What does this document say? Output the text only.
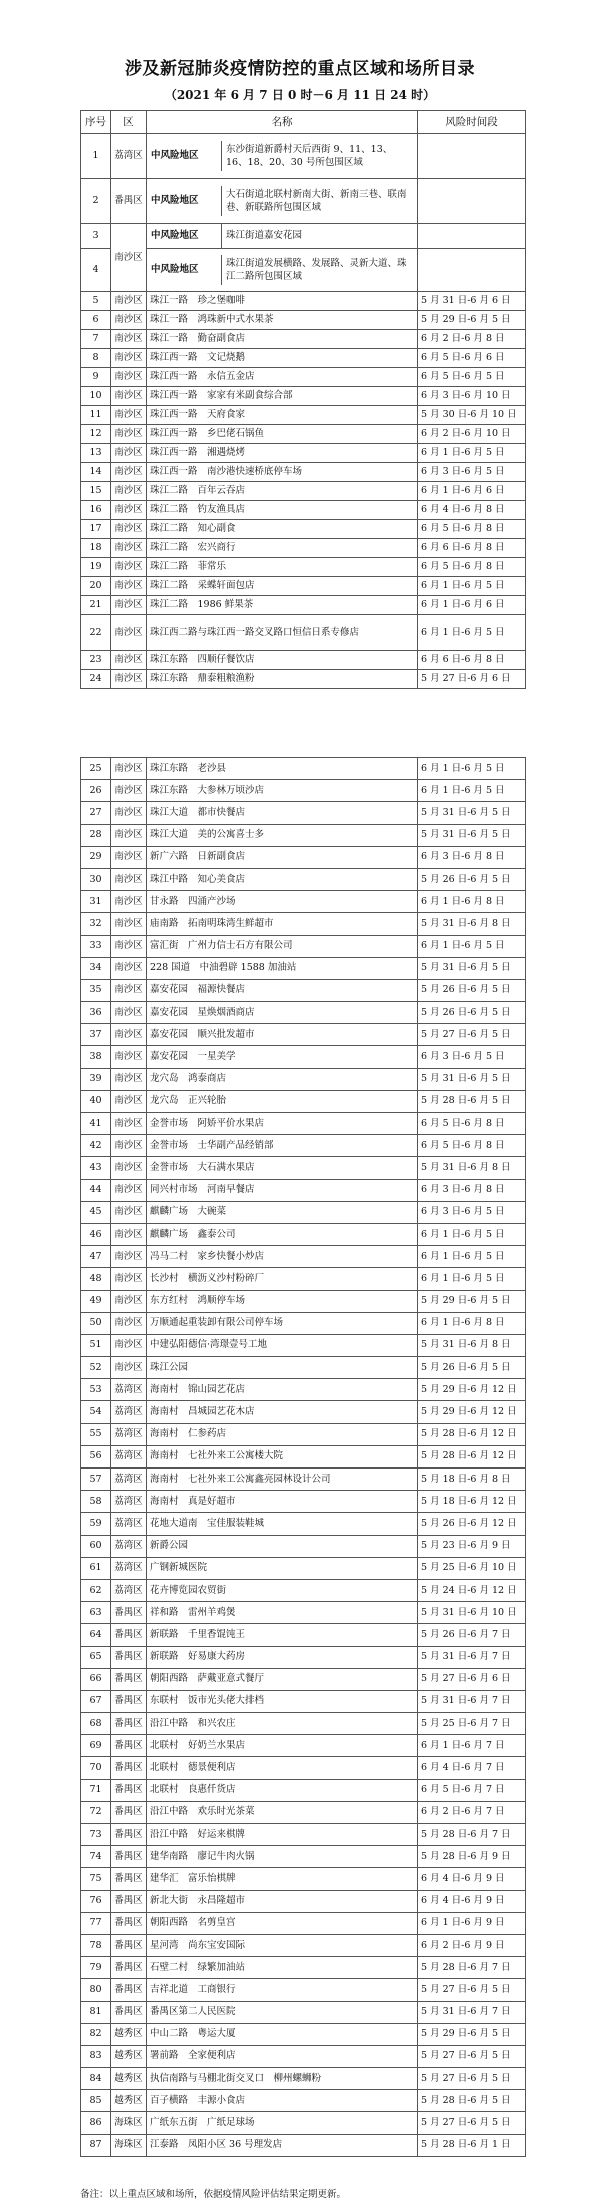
涉及新冠肺炎疫情防控的重点区域和场所目录
（2021 年 6 月 7 日 0 时－6 月 11 日 24 时）
序号	区	名称	风险时间段
1	荔湾区	中风险地区
东沙街道新爵村天后西街 9、11、13、16、18、20、30 号所包围区域	

2	番禺区	中风险地区
大石街道北联村新南大街、新南三巷、联南巷、新联路所包围区域	

3	南沙区	中风险地区 珠江街道嘉安花园	

4		中风险地区
珠江街道发展横路、发展路、灵新大道、珠江二路所包围区域	

5	南沙区	珠江一路　珍之堡咖啡	5 月 31 日-6 月 6 日
6	南沙区	珠江一路　鸿珠新中式水果茶	5 月 29 日-6 月 5 日
7	南沙区	珠江一路　勤奋副食店	6 月 2 日-6 月 8 日
8	南沙区	珠江西一路　文记烧鹅	6 月 5 日-6 月 6 日
9	南沙区	珠江西一路　永信五金店	6 月 5 日-6 月 5 日
10	南沙区	珠江西一路　家家有米副食综合部	6 月 3 日-6 月 10 日
11	南沙区	珠江西一路　天府食家	5 月 30 日-6 月 10 日
12	南沙区	珠江西一路　乡巴佬石锅鱼	6 月 2 日-6 月 10 日
13	南沙区	珠江西一路　湘遇烧烤	6 月 1 日-6 月 5 日
14	南沙区	珠江西一路　南沙港快速桥底停车场	6 月 3 日-6 月 5 日
15	南沙区	珠江二路　百年云吞店	6 月 1 日-6 月 6 日
16	南沙区	珠江二路　钓友渔具店	6 月 4 日-6 月 8 日
17	南沙区	珠江二路　知心副食	6 月 5 日-6 月 8 日
18	南沙区	珠江二路　宏兴商行	6 月 6 日-6 月 8 日
19	南沙区	珠江二路　菲常乐	6 月 5 日-6 月 8 日
20	南沙区	珠江二路　采蝶轩面包店	6 月 1 日-6 月 5 日
21	南沙区	珠江二路　1986 鲜果茶	6 月 1 日-6 月 6 日
22	南沙区	珠江西二路与珠江西一路交叉路口恒信日系专修店	6 月 1 日-6 月 5 日
23	南沙区	珠江东路　四顺仔餐饮店	6 月 6 日-6 月 8 日
24	南沙区	珠江东路　鼎泰粗粮渔粉	5 月 27 日-6 月 6 日
25	南沙区	珠江东路　老沙县	6 月 1 日-6 月 5 日
26	南沙区	珠江东路　大参林万顷沙店	6 月 1 日-6 月 5 日
27	南沙区	珠江大道　都市快餐店	5 月 31 日-6 月 5 日
28	南沙区	珠江大道　美的公寓喜士多	5 月 31 日-6 月 5 日
29	南沙区	新广六路　日新副食店	6 月 3 日-6 月 8 日
30	南沙区	珠江中路　知心美食店	5 月 26 日-6 月 5 日
31	南沙区	甘永路　四涌产沙场	6 月 1 日-6 月 8 日
32	南沙区	庙南路　拓南明珠湾生鲜超市	5 月 31 日-6 月 8 日
33	南沙区	富汇街　广州力信士石方有限公司	6 月 1 日-6 月 5 日
34	南沙区	228 国道　中油碧辟 1588 加油站	5 月 31 日-6 月 5 日
35	南沙区	嘉安花园　福源快餐店	5 月 26 日-6 月 5 日
36	南沙区	嘉安花园　星焕烟酒商店	5 月 26 日-6 月 5 日
37	南沙区	嘉安花园　顺兴批发超市	5 月 27 日-6 月 5 日
38	南沙区	嘉安花园　一星美学	6 月 3 日-6 月 5 日
39	南沙区	龙穴岛　鸿泰商店	5 月 31 日-6 月 5 日
40	南沙区	龙穴岛　正兴轮胎	5 月 28 日-6 月 5 日
41	南沙区	金誉市场　阿娇平价水果店	6 月 5 日-6 月 8 日
42	南沙区	金誉市场　士华副产品经销部	6 月 5 日-6 月 8 日
43	南沙区	金誉市场　大石满水果店	5 月 31 日-6 月 8 日
44	南沙区	同兴村市场　河南早餐店	6 月 3 日-6 月 8 日
45	南沙区	麒麟广场　大碗菜	6 月 3 日-6 月 5 日
46	南沙区	麒麟广场　鑫泰公司	6 月 1 日-6 月 5 日
47	南沙区	冯马二村　家乡快餐小炒店	6 月 1 日-6 月 5 日
48	南沙区	长沙村　横沥义沙村粉碎厂	6 月 1 日-6 月 5 日
49	南沙区	东方红村　鸿顺停车场	5 月 29 日-6 月 5 日
50	南沙区	万顺通起重装卸有限公司停车场	6 月 1 日-6 月 8 日
51	南沙区	中建弘阳德信·湾璟壹号工地	5 月 31 日-6 月 8 日
52	南沙区	珠江公园	5 月 26 日-6 月 5 日
53	荔湾区	海南村　锦山园艺花店	5 月 29 日-6 月 12 日
54	荔湾区	海南村　昌城园艺花木店	5 月 29 日-6 月 12 日
55	荔湾区	海南村　仁参药店	5 月 28 日-6 月 12 日
56	荔湾区	海南村　七社外来工公寓楼大院	5 月 28 日-6 月 12 日
57	荔湾区	海南村　七社外来工公寓鑫亮园林设计公司	5 月 18 日-6 月 8 日
58	荔湾区	海南村　真是好超市	5 月 18 日-6 月 12 日
59	荔湾区	花地大道南　宝佳服装鞋城	5 月 26 日-6 月 12 日
60	荔湾区	新爵公园	5 月 23 日-6 月 9 日
61	荔湾区	广钢新城医院	5 月 25 日-6 月 10 日
62	荔湾区	花卉博览园农贸街	5 月 24 日-6 月 12 日
63	番禺区	祥和路　雷州羊鸡煲	5 月 31 日-6 月 10 日
64	番禺区	新联路　千里香馄饨王	5 月 26 日-6 月 7 日
65	番禺区	新联路　好易康大药房	5 月 31 日-6 月 7 日
66	番禺区	朝阳西路　萨戴亚意式餐厅	5 月 27 日-6 月 6 日
67	番禺区	东联村　饭市光头佬大排档	5 月 31 日-6 月 7 日
68	番禺区	沿江中路　和兴农庄	5 月 25 日-6 月 7 日
69	番禺区	北联村　好奶兰水果店	6 月 1 日-6 月 7 日
70	番禺区	北联村　德景便利店	6 月 4 日-6 月 7 日
71	番禺区	北联村　良惠仟货店	6 月 5 日-6 月 7 日
72	番禺区	沿江中路　欢乐时光茶菜	6 月 2 日-6 月 7 日
73	番禺区	沿江中路　好运来棋牌	5 月 28 日-6 月 7 日
74	番禺区	建华南路　廖记牛肉火锅	5 月 28 日-6 月 9 日
75	番禺区	建华汇　富乐怡棋牌	6 月 4 日-6 月 9 日
76	番禺区	新北大街　永昌隆超市	6 月 4 日-6 月 9 日
77	番禺区	朝阳西路　名剪皇宫	6 月 1 日-6 月 9 日
78	番禺区	星河湾　尚东宝安国际	6 月 2 日-6 月 9 日
79	番禺区	石壁二村　绿繁加油站	5 月 28 日-6 月 7 日
80	番禺区	吉祥北道　工商银行	5 月 27 日-6 月 5 日
81	番禺区	番禺区第二人民医院	5 月 31 日-6 月 7 日
82	越秀区	中山二路　粤运大厦	5 月 29 日-6 月 5 日
83	越秀区	署前路　全家便利店	5 月 27 日-6 月 5 日
84	越秀区	执信南路与马棚北街交叉口　柳州螺蛳粉	5 月 27 日-6 月 5 日
85	越秀区	百子横路　丰源小食店	5 月 28 日-6 月 5 日
86	海珠区	广纸东五街　广纸足球场	5 月 27 日-6 月 5 日
87	海珠区	江泰路　凤阳小区 36 号理发店	5 月 28 日-6 月 1 日
备注：以上重点区域和场所，依据疫情风险评估结果定期更新。
